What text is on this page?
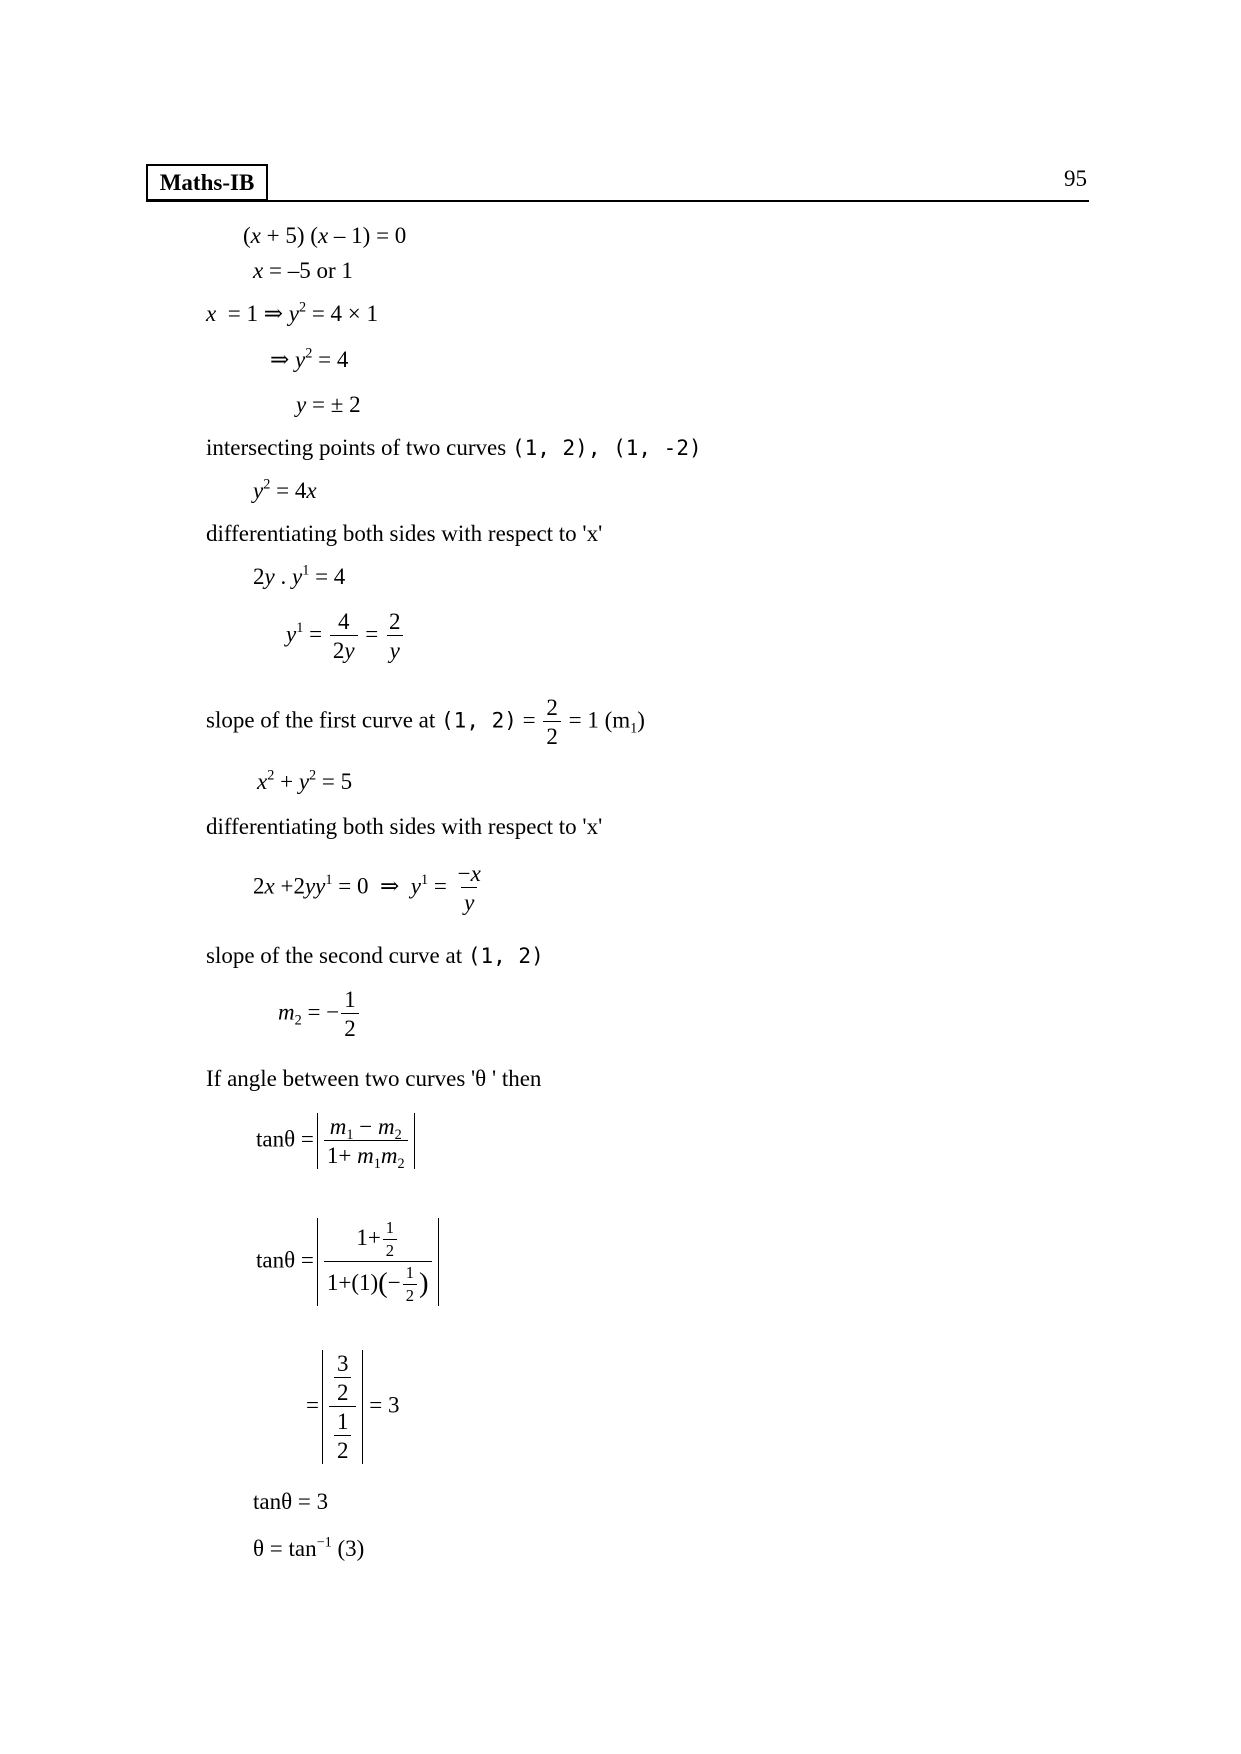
Maths-IB	95
(x + 5) (x – 1) = 0
x = –5 or 1
x  = 1 ⇒ $y^2 = 4 \times 1$
⇒ $y^2 = 4$
y = ± 2
intersecting points of two curves (1, 2), (1, -2)
$y^2 = 4x$
differentiating both sides with respect to 'x'
2y . $y^1 = 4$
$y^1 = \frac{4}{2y} = \frac{2}{y}$
slope of the first curve at (1, $2) = \frac{2}{2} = 1$ $(m_1)$
$x^2 + y^2 = 5$
differentiating both sides with respect to 'x'
$2x +2yy^1 = 0$  ⇒  $y^1 = \frac{-x}{y}$
slope of the second curve at (1, 2)
$m_2$ = − $\frac{1}{2}$
If angle between two curves 'θ ' then
$\tan\theta = \frac{m_1 - m_2}{1+ m_1m_2}$
$\tan\theta = \frac{1+ \frac{1}{2}}{1+(1)(- \frac{1}{2} )}$
= $\frac{\frac{3}{2}}{\frac{1}{2}} = 3$
tanθ = 3
$\theta = \tan^{-1} (3)$
